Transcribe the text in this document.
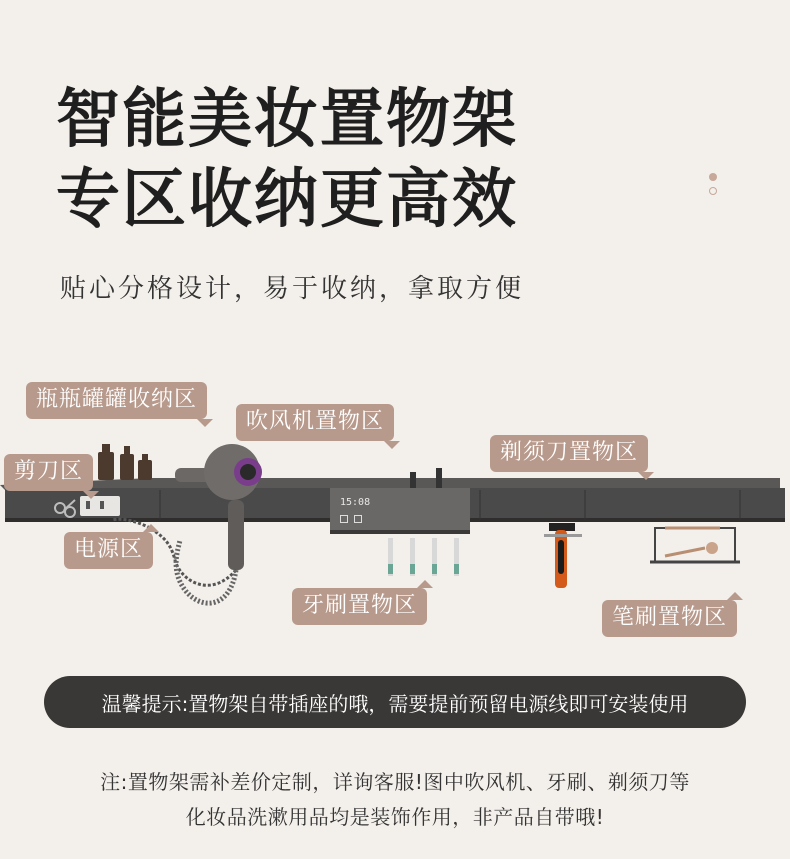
智能美妆置物架
专区收纳更高效
贴心分格设计，易于收纳，拿取方便
15:08
瓶瓶罐罐收纳区
吹风机置物区
剃须刀置物区
剪刀区
电源区
牙刷置物区	笔刷置物区
温馨提示:置物架自带插座的哦，需要提前预留电源线即可安装使用
注:置物架需补差价定制，详询客服!图中吹风机、牙刷、剃须刀等
化妆品洗漱用品均是装饰作用，非产品自带哦!
